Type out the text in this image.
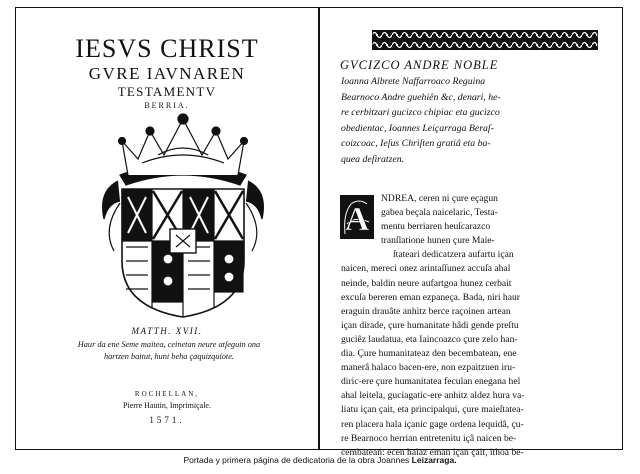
IESVS CHRIST
GVRE IAVNAREN
TESTAMENTV
BERRIA.
MATTH. XVII.
Haur da ene Seme maitea, ceinetan neure atſeguin ona
hartzen baitut, huni beha çaquizquiote.
ROCHELLAN,
Pierre Hautin, Imprimiçale.
1571.
GVCIZCO ANDRE NOBLE
Ioanna Albrete Naffarroaco Reguina
Bearnoco Andre guehiên &c, denari, he-
re cerbitzari gucizco chipiac eta gucizco
obedientac, Ioannes Leiçarraga Beraſ-
coizcoac, Ieſus Chriſten gratiâ eta ba-
quea deſiratzen.
A
NDREA, ceren ni çure eçagun
gabea beçala naicelaric, Testa-
mentu berriaren heuſcarazco
tranſlatione hunen çure Maie-
ſtateari dedicatzera aufartu içan
naicen, mereci onez arintaſſunez accuſa ahal
neinde, baldin neure aufartgoa hunez cerbait
excuſa bereren eman ezpaneça. Bada, niri haur
eraguin drauâte anhitz berce raçoinen artean
içan dirade, çure humanitate hâdi gende preſtu
guciêz laudatua, eta Iaincoazco çure zelo han-
dia. Çure humanitateaz den becembatean, ene
manerâ halaco bacen-ere, non ezpaitzuen iru-
diric-ere çure humanitatea feculan enegana hel
ahal leitela, guciagatic-ere anhitz aldez hura va-
liatu içan çait, eta principalqui, çure maieſtatea-
ren placera hala içanic gage ordena lequidâ, çu-
re Bearnoco herrian entretenitu içâ naicen be-
cembatean: ecen halaz eman içan çait, ithoa be-
Portada y primera página de dedicatoria de la obra Joannes Leizarraga.
